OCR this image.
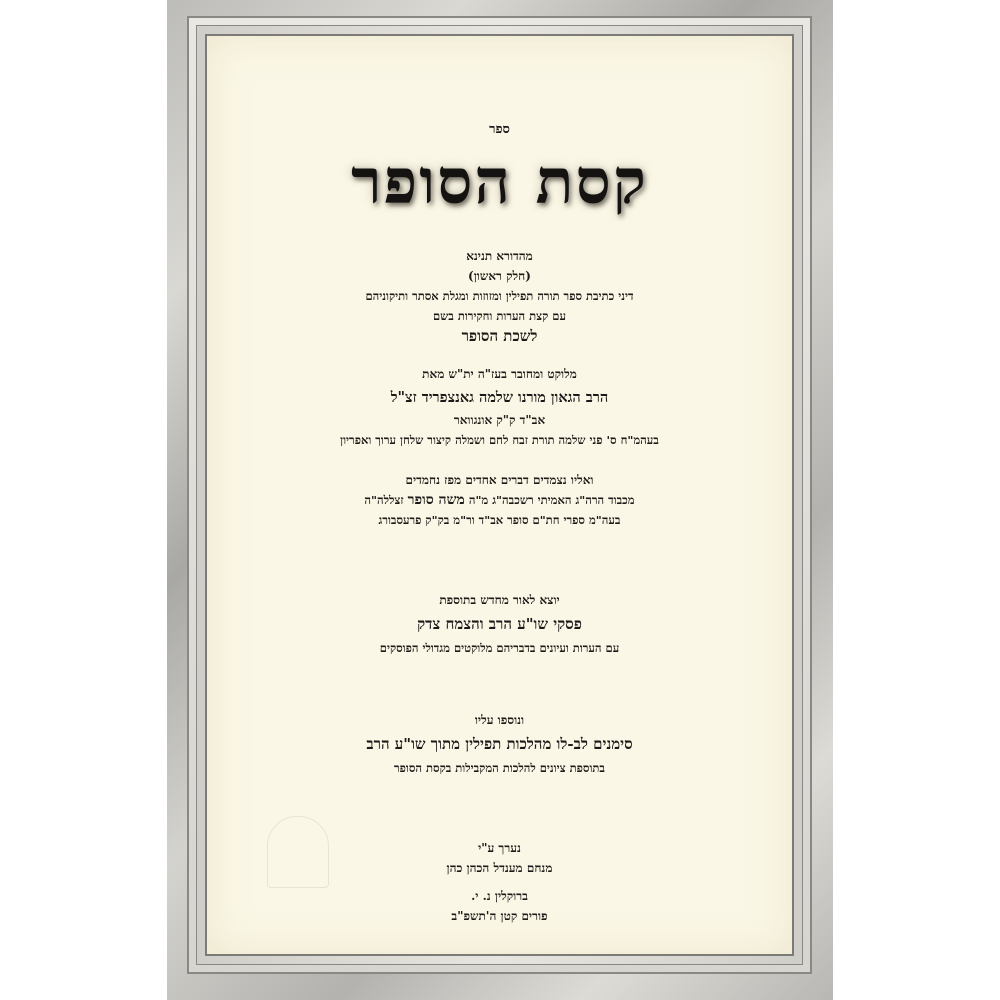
ספר
קסת הסופר
מהדורא תנינא
(חלק ראשון)
דיני כתיבת ספר תורה תפילין ומזוזות ומגלת אסתר ותיקוניהם
עם קצת הערות וחקירות בשם
לשכת הסופר
מלוקט ומחובר בעז"ה ית"ש מאת
הרב הגאון מורנו שלמה גאנצפריד זצ"ל
אב"ד ק"ק אונגוואר
בעהמ"ח ס' פני שלמה תורת זבח לחם ושמלה קיצור שלחן ערוך ואפריון
ואליו נצמדים דברים אחדים מפז נחמדים
מכבוד הרה"ג האמיתי רשכבה"ג מ"ה משה סופר זצללה"ה
בעה"מ ספרי חת"ם סופר אב"ד ור"מ בק"ק פרעסבורג
יוצא לאור מחדש בתוספת
פסקי שו"ע הרב והצמח צדק
עם הערות ועיונים בדבריהם מלוקטים מגדולי הפוסקים
ונוספו עליו
סימנים לב-לו מהלכות תפילין מתוך שו"ע הרב
בתוספת ציונים להלכות המקבילות בקסת הסופר
נערך ע"י
מנחם מענדל הכהן כהן
ברוקלין נ. י.
פורים קטן ה'תשפ"ב
